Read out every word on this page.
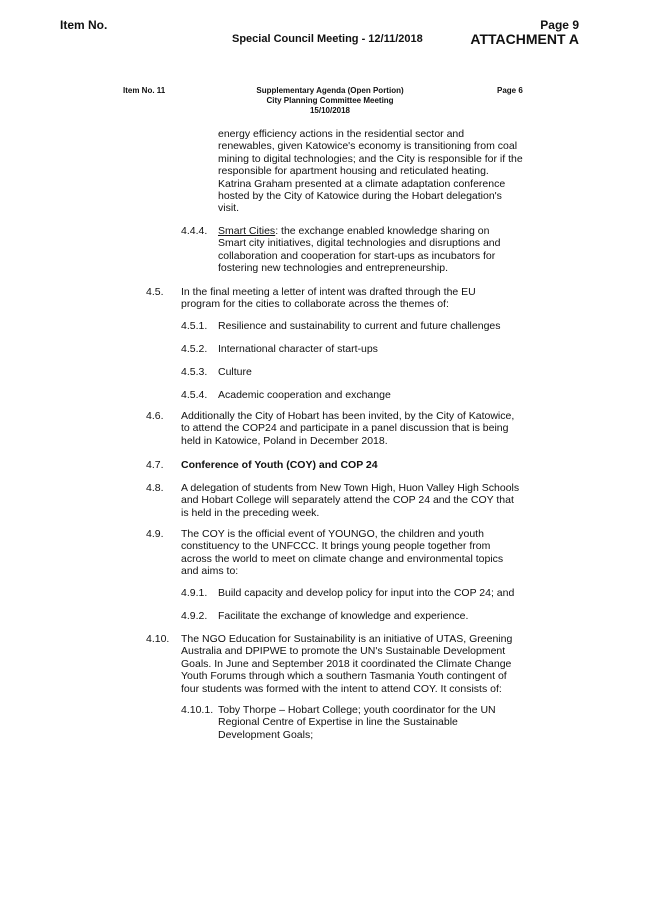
Item No.
Special Council Meeting - 12/11/2018
Page 9
ATTACHMENT A
Item No. 11	Supplementary Agenda (Open Portion)
City Planning Committee Meeting
15/10/2018
Page 6

energy efficiency actions in the residential sector and renewables, given Katowice's economy is transitioning from coal mining to digital technologies; and the City is responsible for if the responsible for apartment housing and reticulated heating. Katrina Graham presented at a climate adaptation conference hosted by the City of Katowice during the Hobart delegation's visit.

4.4.4. Smart Cities: the exchange enabled knowledge sharing on Smart city initiatives, digital technologies and disruptions and collaboration and cooperation for start-ups as incubators for fostering new technologies and entrepreneurship.

4.5. In the final meeting a letter of intent was drafted through the EU program for the cities to collaborate across the themes of:

4.5.1. Resilience and sustainability to current and future challenges

4.5.2. International character of start-ups

4.5.3. Culture

4.5.4. Academic cooperation and exchange

4.6. Additionally the City of Hobart has been invited, by the City of Katowice, to attend the COP24 and participate in a panel discussion that is being held in Katowice, Poland in December 2018.

4.7. Conference of Youth (COY) and COP 24

4.8. A delegation of students from New Town High, Huon Valley High Schools and Hobart College will separately attend the COP 24 and the COY that is held in the preceding week.

4.9. The COY is the official event of YOUNGO, the children and youth constituency to the UNFCCC. It brings young people together from across the world to meet on climate change and environmental topics and aims to:

4.9.1. Build capacity and develop policy for input into the COP 24; and

4.9.2. Facilitate the exchange of knowledge and experience.

4.10. The NGO Education for Sustainability is an initiative of UTAS, Greening Australia and DPIPWE to promote the UN's Sustainable Development Goals. In June and September 2018 it coordinated the Climate Change Youth Forums through which a southern Tasmania Youth contingent of four students was formed with the intent to attend COY. It consists of:

4.10.1. Toby Thorpe – Hobart College; youth coordinator for the UN Regional Centre of Expertise in line the Sustainable Development Goals;
